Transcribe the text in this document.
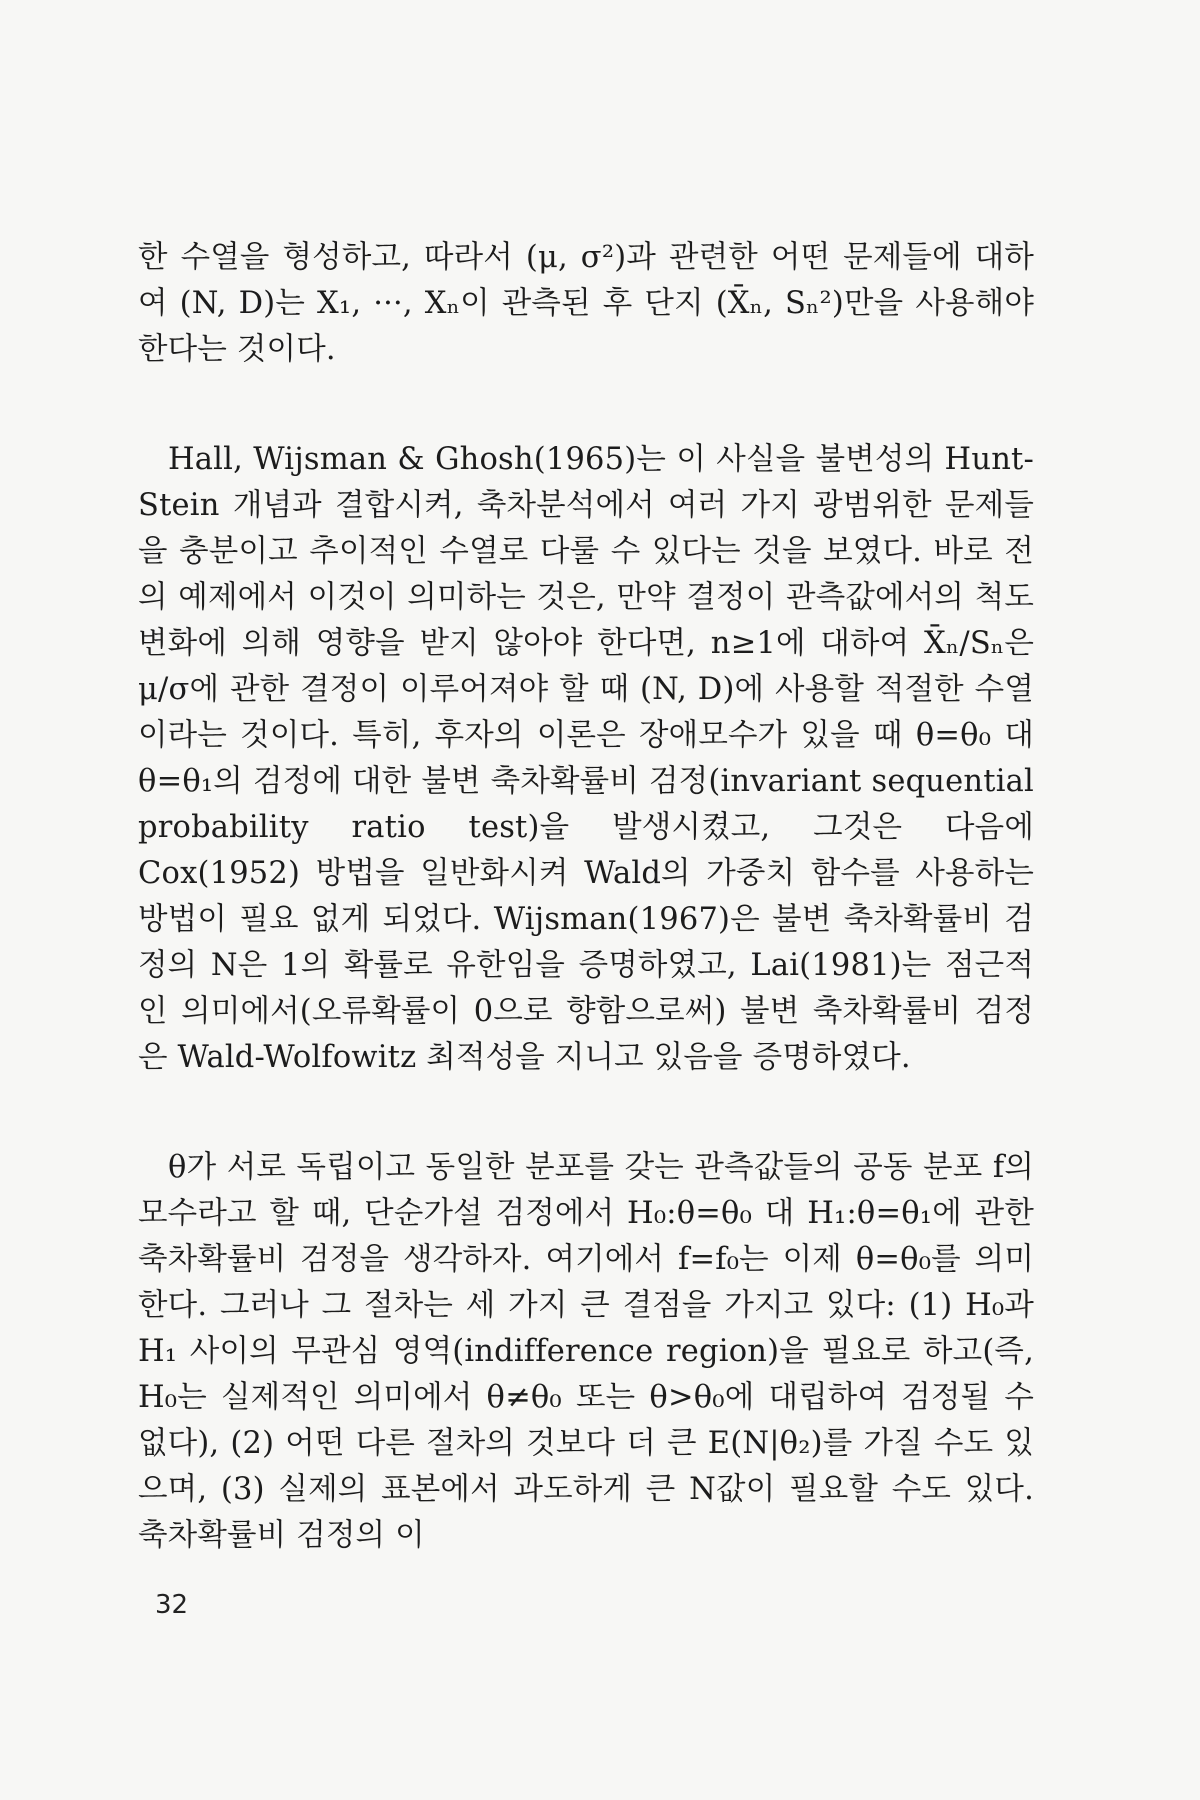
한 수열을 형성하고, 따라서 (μ, σ²)과 관련한 어떤 문제들에 대하여 (N, D)는 X₁, ···, Xₙ이 관측된 후 단지 (X̄ₙ, Sₙ²)만을 사용해야 한다는 것이다.

Hall, Wijsman & Ghosh(1965)는 이 사실을 불변성의 Hunt-Stein 개념과 결합시켜, 축차분석에서 여러 가지 광범위한 문제들을 충분이고 추이적인 수열로 다룰 수 있다는 것을 보였다. 바로 전의 예제에서 이것이 의미하는 것은, 만약 결정이 관측값에서의 척도 변화에 의해 영향을 받지 않아야 한다면, n≥1에 대하여 X̄ₙ/Sₙ은 μ/σ에 관한 결정이 이루어져야 할 때 (N, D)에 사용할 적절한 수열이라는 것이다. 특히, 후자의 이론은 장애모수가 있을 때 θ=θ₀ 대 θ=θ₁의 검정에 대한 불변 축차확률비 검정(invariant sequential probability ratio test)을 발생시켰고, 그것은 다음에 Cox(1952) 방법을 일반화시켜 Wald의 가중치 함수를 사용하는 방법이 필요 없게 되었다. Wijsman(1967)은 불변 축차확률비 검정의 N은 1의 확률로 유한임을 증명하였고, Lai(1981)는 점근적인 의미에서(오류확률이 0으로 향함으로써) 불변 축차확률비 검정은 Wald-Wolfowitz 최적성을 지니고 있음을 증명하였다.

θ가 서로 독립이고 동일한 분포를 갖는 관측값들의 공동 분포 f의 모수라고 할 때, 단순가설 검정에서 H₀:θ=θ₀ 대 H₁:θ=θ₁에 관한 축차확률비 검정을 생각하자. 여기에서 f=f₀는 이제 θ=θ₀를 의미한다. 그러나 그 절차는 세 가지 큰 결점을 가지고 있다: (1) H₀과 H₁ 사이의 무관심 영역(indifference region)을 필요로 하고(즉, H₀는 실제적인 의미에서 θ≠θ₀ 또는 θ>θ₀에 대립하여 검정될 수 없다), (2) 어떤 다른 절차의 것보다 더 큰 E(N|θ₂)를 가질 수도 있으며, (3) 실제의 표본에서 과도하게 큰 N값이 필요할 수도 있다. 축차확률비 검정의 이

32
